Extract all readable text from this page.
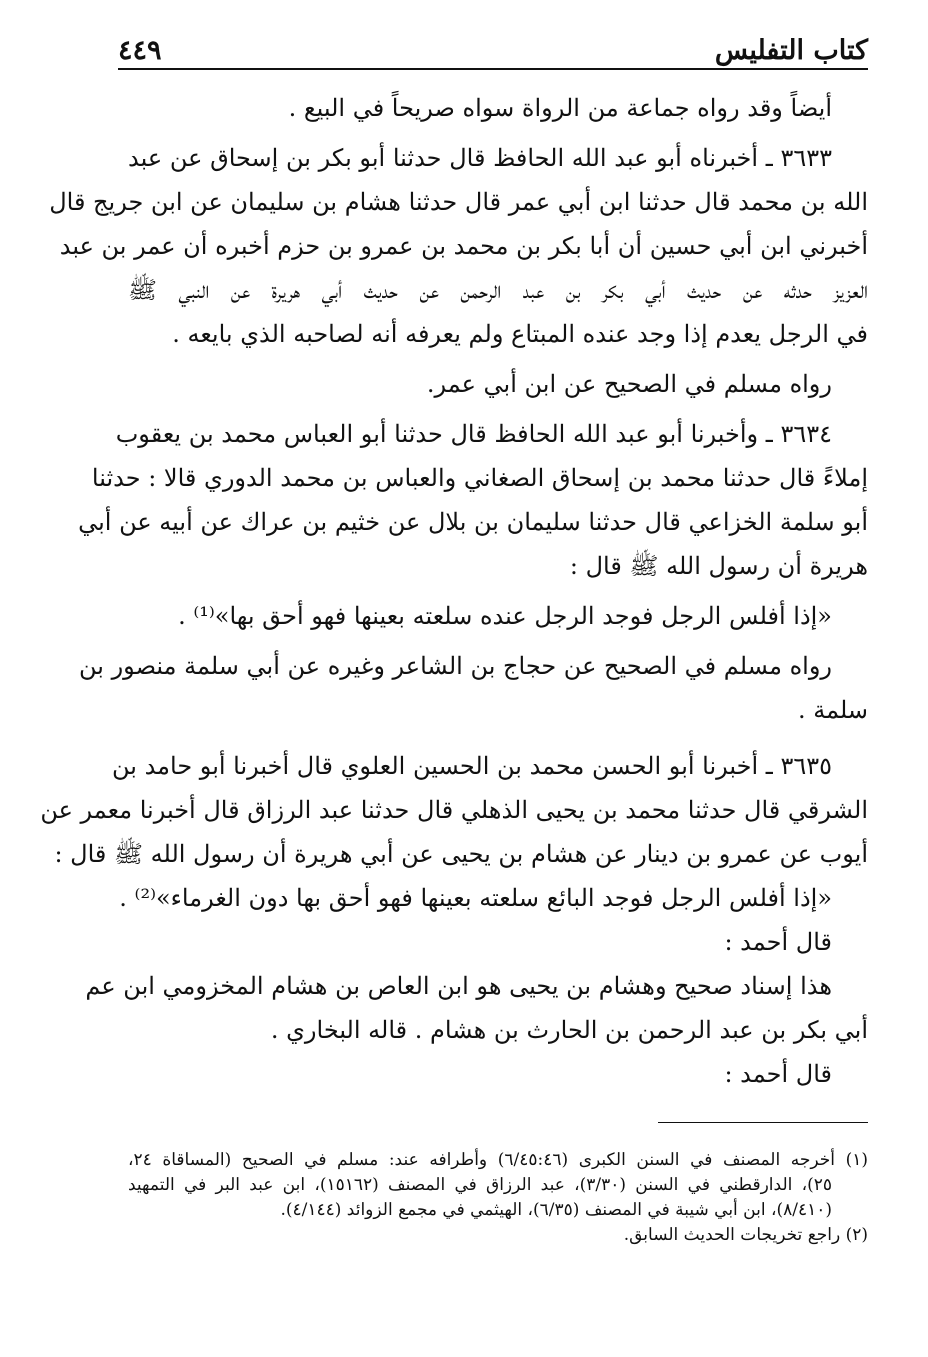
كتاب التفليس
٤٤٩
أيضاً وقد رواه جماعة من الرواة سواه صريحاً في البيع .
٣٦٣٣ ـ أخبرناه أبو عبد الله الحافظ قال حدثنا أبو بكر بن إسحاق عن عبد
الله بن محمد قال حدثنا ابن أبي عمر قال حدثنا هشام بن سليمان عن ابن جريج قال
أخبرني ابن أبي حسين أن أبا بكر بن محمد بن عمرو بن حزم أخبره أن عمر بن عبد
العزيز حدثه عن حديث أبي بكر بن عبد الرحمن عن حديث أبي هريرة عن النبي ﷺ
في الرجل يعدم إذا وجد عنده المبتاع ولم يعرفه أنه لصاحبه الذي بايعه .
رواه مسلم في الصحيح عن ابن أبي عمر.
٣٦٣٤ ـ وأخبرنا أبو عبد الله الحافظ قال حدثنا أبو العباس محمد بن يعقوب
إملاءً قال حدثنا محمد بن إسحاق الصغاني والعباس بن محمد الدوري قالا : حدثنا
أبو سلمة الخزاعي قال حدثنا سليمان بن بلال عن خثيم بن عراك عن أبيه عن أبي
هريرة أن رسول الله ﷺ قال :
«إذا أفلس الرجل فوجد الرجل عنده سلعته بعينها فهو أحق بها»⁽¹⁾ .
رواه مسلم في الصحيح عن حجاج بن الشاعر وغيره عن أبي سلمة منصور بن
سلمة .
٣٦٣٥ ـ أخبرنا أبو الحسن محمد بن الحسين العلوي قال أخبرنا أبو حامد بن
الشرقي قال حدثنا محمد بن يحيى الذهلي قال حدثنا عبد الرزاق قال أخبرنا معمر عن
أيوب عن عمرو بن دينار عن هشام بن يحيى عن أبي هريرة أن رسول الله ﷺ قال :
«إذا أفلس الرجل فوجد البائع سلعته بعينها فهو أحق بها دون الغرماء»⁽²⁾ .
قال أحمد :
هذا إسناد صحيح وهشام بن يحيى هو ابن العاص بن هشام المخزومي ابن عم
أبي بكر بن عبد الرحمن بن الحارث بن هشام . قاله البخاري .
قال أحمد :
(١) أخرجه المصنف في السنن الكبرى (٦/٤٥:٤٦) وأطرافه عند: مسلم في الصحيح (المساقاة ٢٤،
٢٥)، الدارقطني في السنن (٣/٣٠)، عبد الرزاق في المصنف (١٥١٦٢)، ابن عبد البر في التمهيد
(٨/٤١٠)، ابن أبي شيبة في المصنف (٦/٣٥)، الهيثمي في مجمع الزوائد (٤/١٤٤).
(٢) راجع تخريجات الحديث السابق.
